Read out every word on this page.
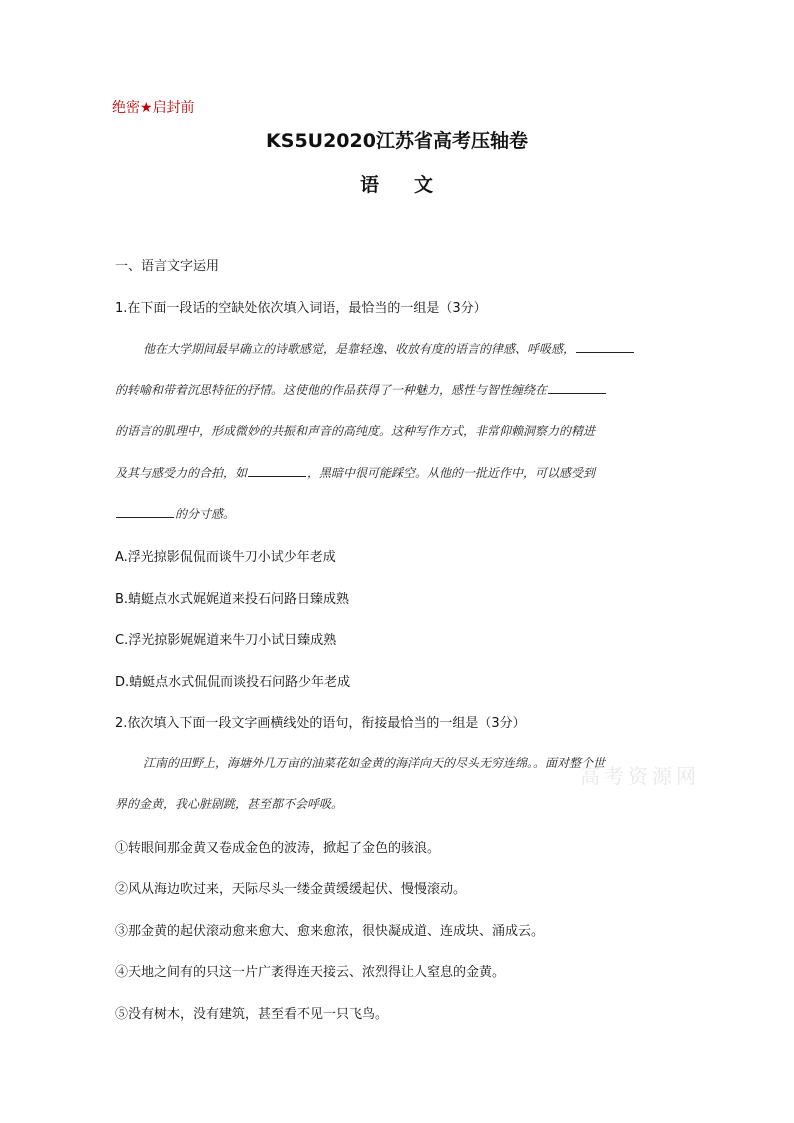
绝密★启封前
KS5U2020江苏省高考压轴卷
语 文
一、语言文字运用
1.在下面一段话的空缺处依次填入词语，最恰当的一组是（3分）
他在大学期间最早确立的诗歌感觉，是靠轻逸、收放有度的语言的律感、呼吸感，
的转喻和带着沉思特征的抒情。这使他的作品获得了一种魅力，感性与智性缠绕在
的语言的肌理中，形成微妙的共振和声音的高纯度。这种写作方式，非常仰赖洞察力的精进
及其与感受力的合拍，如	，黑暗中很可能踩空。从他的一批近作中，可以感受到
的分寸感。
A.浮光掠影侃侃而谈牛刀小试少年老成
B.蜻蜓点水式娓娓道来投石问路日臻成熟
C.浮光掠影娓娓道来牛刀小试日臻成熟
D.蜻蜓点水式侃侃而谈投石问路少年老成
2.依次填入下面一段文字画横线处的语句，衔接最恰当的一组是（3分）
江南的田野上，海塘外几万亩的油菜花如金黄的海洋向天的尽头无穷连绵。。面对整个世
界的金黄，我心脏剧跳，甚至都不会呼吸。
①转眼间那金黄又卷成金色的波涛，掀起了金色的骇浪。
②风从海边吹过来，天际尽头一缕金黄缓缓起伏、慢慢滚动。
③那金黄的起伏滚动愈来愈大、愈来愈浓，很快凝成道、连成块、涌成云。
④天地之间有的只这一片广袤得连天接云、浓烈得让人窒息的金黄。
⑤没有树木，没有建筑，甚至看不见一只飞鸟。
高考资源网
